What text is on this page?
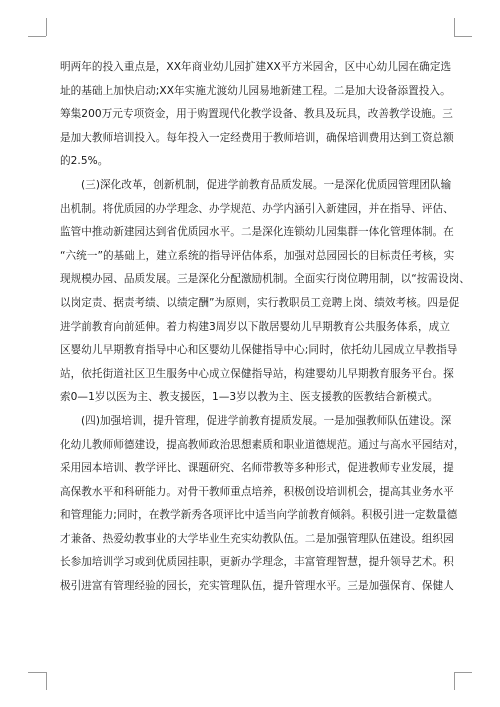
明两年的投入重点是，XX年商业幼儿园扩建XX平方米园舍，区中心幼儿园在确定选
址的基础上加快启动;XX年实施尤渡幼儿园易地新建工程。二是加大设备添置投入。
筹集200万元专项资金，用于购置现代化教学设备、教具及玩具，改善教学设施。三
是加大教师培训投入。每年投入一定经费用于教师培训，确保培训费用达到工资总额
的2.5%。
(三)深化改革，创新机制，促进学前教育品质发展。一是深化优质园管理团队输
出机制。将优质园的办学理念、办学规范、办学内涵引入新建园，并在指导、评估、
监管中推动新建园达到省优质园水平。二是深化连锁幼儿园集群一体化管理体制。在
“六统一”的基础上，建立系统的指导评估体系，加强对总园园长的目标责任考核，实
现规模办园、品质发展。三是深化分配激励机制。全面实行岗位聘用制，以“按需设岗、
以岗定责、据责考绩、以绩定酬”为原则，实行教职员工竞聘上岗、绩效考核。四是促
进学前教育向前延伸。着力构建3周岁以下散居婴幼儿早期教育公共服务体系，成立
区婴幼儿早期教育指导中心和区婴幼儿保健指导中心;同时，依托幼儿园成立早教指导
站，依托街道社区卫生服务中心成立保健指导站，构建婴幼儿早期教育服务平台。探
索0—1岁以医为主、教支援医，1—3岁以教为主、医支援教的医教结合新模式。
(四)加强培训，提升管理，促进学前教育提质发展。一是加强教师队伍建设。深
化幼儿教师师德建设，提高教师政治思想素质和职业道德规范。通过与高水平园结对，
采用园本培训、教学评比、课题研究、名师带教等多种形式，促进教师专业发展，提
高保教水平和科研能力。对骨干教师重点培养，积极创设培训机会，提高其业务水平
和管理能力;同时，在教学新秀各项评比中适当向学前教育倾斜。积极引进一定数量德
才兼备、热爱幼教事业的大学毕业生充实幼教队伍。二是加强管理队伍建设。组织园
长参加培训学习或到优质园挂职，更新办学理念，丰富管理智慧，提升领导艺术。积
极引进富有管理经验的园长，充实管理队伍，提升管理水平。三是加强保育、保健人
